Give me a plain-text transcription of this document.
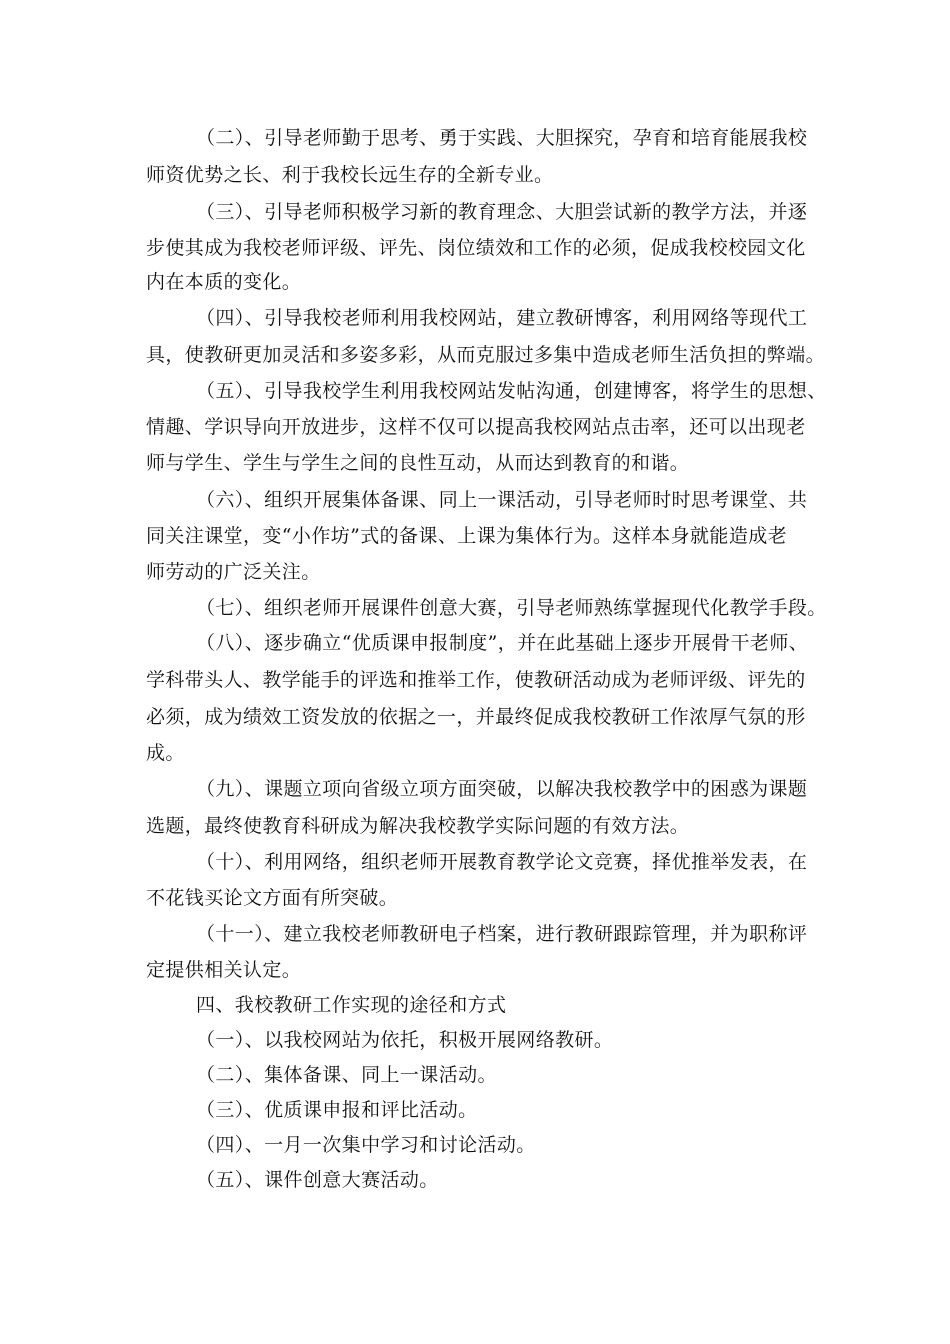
（二）、引导老师勤于思考、勇于实践、大胆探究，孕育和培育能展我校
师资优势之长、利于我校长远生存的全新专业。
（三）、引导老师积极学习新的教育理念、大胆尝试新的教学方法，并逐
步使其成为我校老师评级、评先、岗位绩效和工作的必须，促成我校校园文化
内在本质的变化。
（四）、引导我校老师利用我校网站，建立教研博客，利用网络等现代工
具，使教研更加灵活和多姿多彩，从而克服过多集中造成老师生活负担的弊端。
（五）、引导我校学生利用我校网站发帖沟通，创建博客，将学生的思想、
情趣、学识导向开放进步，这样不仅可以提高我校网站点击率，还可以出现老
师与学生、学生与学生之间的良性互动，从而达到教育的和谐。
（六）、组织开展集体备课、同上一课活动，引导老师时时思考课堂、共
同关注课堂，变“小作坊”式的备课、上课为集体行为。这样本身就能造成老
师劳动的广泛关注。
（七）、组织老师开展课件创意大赛，引导老师熟练掌握现代化教学手段。
（八）、逐步确立“优质课申报制度”，并在此基础上逐步开展骨干老师、
学科带头人、教学能手的评选和推举工作，使教研活动成为老师评级、评先的
必须，成为绩效工资发放的依据之一，并最终促成我校教研工作浓厚气氛的形
成。
（九）、课题立项向省级立项方面突破，以解决我校教学中的困惑为课题
选题，最终使教育科研成为解决我校教学实际问题的有效方法。
（十）、利用网络，组织老师开展教育教学论文竞赛，择优推举发表，在
不花钱买论文方面有所突破。
（十一）、建立我校老师教研电子档案，进行教研跟踪管理，并为职称评
定提供相关认定。
四、我校教研工作实现的途径和方式
（一）、以我校网站为依托，积极开展网络教研。
（二）、集体备课、同上一课活动。
（三）、优质课申报和评比活动。
（四）、一月一次集中学习和讨论活动。
（五）、课件创意大赛活动。
